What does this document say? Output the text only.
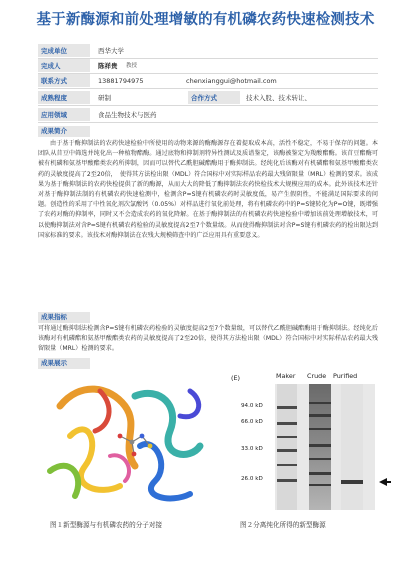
基于新酶源和前处理增敏的有机磷农药快速检测技术
完成单位	西华大学
完成人	陈祥贵 教授
联系方式	13881794975	chenxianggui@hotmail.com
成熟程度	研制	合作方式	技术入股、技术转让、
应用领域	食品生物技术与医药
成果简介
由于基于酶抑制法的农药快速检验中所使用的动物来源的酶酶源存在着提取成本高，活性不稳定，不易于保存的问题。本团队从苜豆中筛选并纯化出一种植物酯酶。通过底物和抑制剂特异性测试及质谱鉴定，该酶被鉴定为羧酸酯酶。该苜豆酯酶可被有机磷和氨基甲酸酯类农药所抑制，因而可以替代乙酰胆碱酯酶用于酶抑制法。经纯化后该酶对有机磷酯和氨基甲酸酯类农药的灵敏度提高了2至20倍，　使得其方法检出限（MDL）符合国标中对实际样品农药最大残留限量（MRL）检测的要求。该成果为基于酶抑制法的农药快检提供了新的酶源，从而大大的降低了酶抑制法农药快检技术大规模应用的成本。此外该技术还针对基于酶抑制法制的有机磷农药快速检测中，检测含P=S键有机磷农药时灵敏度低，易产生假阴性，不能满足国际要求的问题。创造性的采用了中性氧化剂次氯酸钙（0.05%）对样品进行氧化前处理，将有机磷农药中的P=S键转化为P=O键，既增强了农药对酶的抑制率，同时又不会造成农药的氧化降解。在基于酶抑制法的有机磷农药快速检验中增加该前处理增敏技术，可以使酶抑制法对含P=S键有机磷农药检验的灵敏度提高2至7个数量级。从而使得酶抑制法对含P=S键有机磷农药的检出限达到国家标准的要求。该技术对酶抑制法在农残大规模筛查中的广泛应用具有重要意义。
成果指标
可将通过酶抑制法检测含P=S键有机磷农药检验的灵敏度提高2至7个数量级，可以替代乙酰胆碱酯酶用于酶抑制法。经纯化后该酶对有机磷酯和氨基甲酸酯类农药的灵敏度提高了2至20倍，使得其方法检出限（MDL）符合国标中对实际样品农药最大残留限量（MRL）检测的要求。
成果展示
图１新型酶源与有机磷农药的分子对接
(E)	Maker Crude Purified
94.0 kD
66.0 kD
33.0 kD
26.0 kD
图２分离纯化所得的新型酶源
